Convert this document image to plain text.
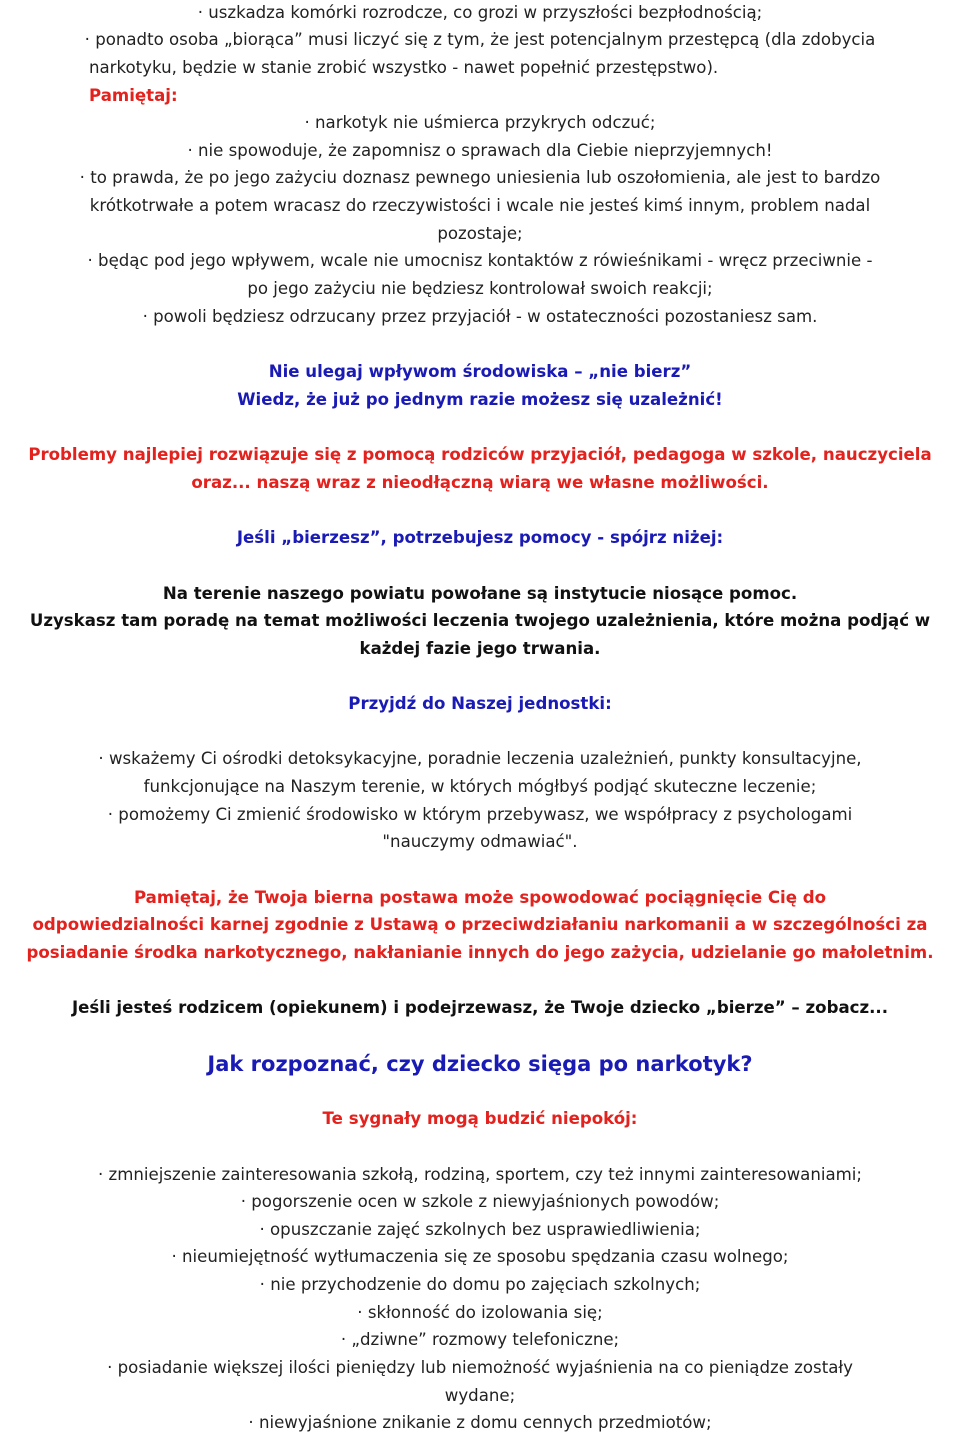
· uszkadza komórki rozrodcze, co grozi w przyszłości bezpłodnością;
· ponadto osoba „biorąca” musi liczyć się z tym, że jest potencjalnym przestępcą (dla zdobycia
narkotyku, będzie w stanie zrobić wszystko - nawet popełnić przestępstwo).
Pamiętaj:
· narkotyk nie uśmierca przykrych odczuć;
· nie spowoduje, że zapomnisz o sprawach dla Ciebie nieprzyjemnych!
· to prawda, że po jego zażyciu doznasz pewnego uniesienia lub oszołomienia, ale jest to bardzo
krótkotrwałe a potem wracasz do rzeczywistości i wcale nie jesteś kimś innym, problem nadal
pozostaje;
· będąc pod jego wpływem, wcale nie umocnisz kontaktów z rówieśnikami - wręcz przeciwnie -
po jego zażyciu nie będziesz kontrolował swoich reakcji;
· powoli będziesz odrzucany przez przyjaciół - w ostateczności pozostaniesz sam.
Nie ulegaj wpływom środowiska – „nie bierz”
Wiedz, że już po jednym razie możesz się uzależnić!
Problemy najlepiej rozwiązuje się z pomocą rodziców przyjaciół, pedagoga w szkole, nauczyciela
oraz... naszą wraz z nieodłączną wiarą we własne możliwości.
Jeśli „bierzesz”, potrzebujesz pomocy - spójrz niżej:
Na terenie naszego powiatu powołane są instytucie niosące pomoc.
Uzyskasz tam poradę na temat możliwości leczenia twojego uzależnienia, które można podjąć w
każdej fazie jego trwania.
Przyjdź do Naszej jednostki:
· wskażemy Ci ośrodki detoksykacyjne, poradnie leczenia uzależnień, punkty konsultacyjne,
funkcjonujące na Naszym terenie, w których mógłbyś podjąć skuteczne leczenie;
· pomożemy Ci zmienić środowisko w którym przebywasz, we współpracy z psychologami
"nauczymy odmawiać".
Pamiętaj, że Twoja bierna postawa może spowodować pociągnięcie Cię do
odpowiedzialności karnej zgodnie z Ustawą o przeciwdziałaniu narkomanii a w szczególności za
posiadanie środka narkotycznego, nakłanianie innych do jego zażycia, udzielanie go małoletnim.
Jeśli jesteś rodzicem (opiekunem) i podejrzewasz, że Twoje dziecko „bierze” – zobacz...
Jak rozpoznać, czy dziecko sięga po narkotyk?
Te sygnały mogą budzić niepokój:
· zmniejszenie zainteresowania szkołą, rodziną, sportem, czy też innymi zainteresowaniami;
· pogorszenie ocen w szkole z niewyjaśnionych powodów;
· opuszczanie zajęć szkolnych bez usprawiedliwienia;
· nieumiejętność wytłumaczenia się ze sposobu spędzania czasu wolnego;
· nie przychodzenie do domu po zajęciach szkolnych;
· skłonność do izolowania się;
· „dziwne” rozmowy telefoniczne;
· posiadanie większej ilości pieniędzy lub niemożność wyjaśnienia na co pieniądze zostały
wydane;
· niewyjaśnione znikanie z domu cennych przedmiotów;
